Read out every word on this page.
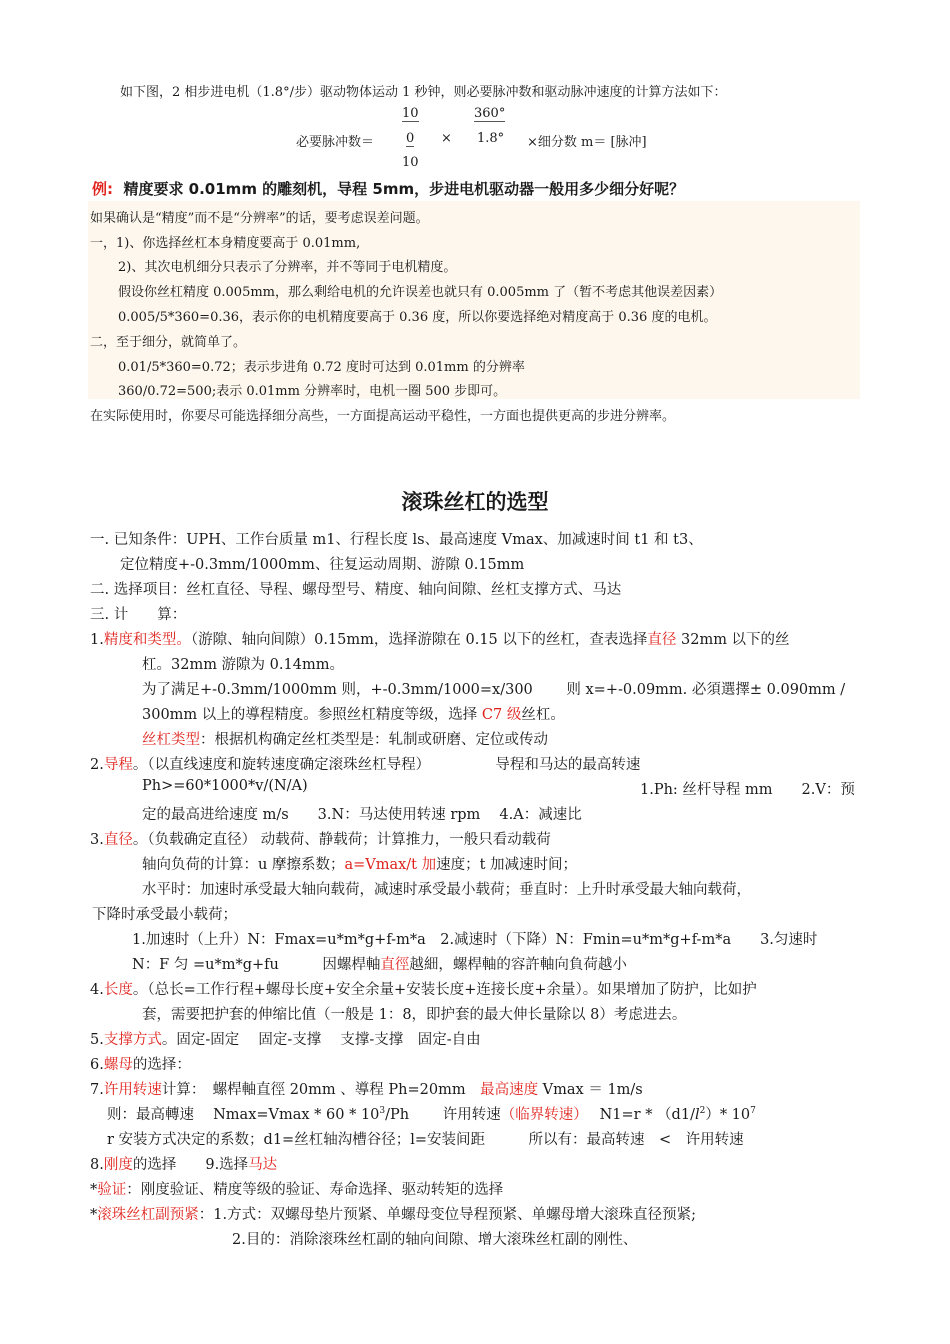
如下图，2 相步进电机（1.8°/步）驱动物体运动 1 秒钟，则必要脉冲数和驱动脉冲速度的计算方法如下：
10	360°
必要脉冲数＝ 0 × 1.8° ×细分数 m＝ [脉冲]
10
例: 精度要求 0.01mm 的雕刻机，导程 5mm，步进电机驱动器一般用多少细分好呢？
如果确认是“精度”而不是“分辨率”的话，要考虑误差问题。
一，1)、你选择丝杠本身精度要高于 0.01mm,
2)、其次电机细分只表示了分辨率，并不等同于电机精度。
假设你丝杠精度 0.005mm，那么剩给电机的允许误差也就只有 0.005mm 了（暂不考虑其他误差因素）
0.005/5*360=0.36，表示你的电机精度要高于 0.36 度，所以你要选择绝对精度高于 0.36 度的电机。
二，至于细分，就简单了。
0.01/5*360=0.72；表示步进角 0.72 度时可达到 0.01mm 的分辨率
360/0.72=500;表示 0.01mm 分辨率时，电机一圈 500 步即可。
在实际使用时，你要尽可能选择细分高些，一方面提高运动平稳性，一方面也提供更高的步进分辨率。
滚珠丝杠的选型
一. 已知条件：UPH、工作台质量 m1、行程长度 ls、最高速度 Vmax、加减速时间 t1 和 t3、
定位精度+-0.3mm/1000mm、往复运动周期、游隙 0.15mm
二. 选择项目：丝杠直径、导程、螺母型号、精度、轴向间隙、丝杠支撑方式、马达
三. 计　　算：
1.精度和类型。（游隙、轴向间隙）0.15mm，选择游隙在 0.15 以下的丝杠，查表选择直径 32mm 以下的丝
杠。32mm 游隙为 0.14mm。
为了满足+-0.3mm/1000mm 则，+-0.3mm/1000=x/300　　 则 x=+-0.09mm. 必須選擇± 0.090mm /
300mm 以上的導程精度。参照丝杠精度等级，选择 C7 级丝杠。
丝杠类型：根据机构确定丝杠类型是：轧制或研磨、定位或传动
2.导程。（以直线速度和旋转速度确定滚珠丝杠导程）　　　　　导程和马达的最高转速
Ph>=60*1000*v/(N/A)	1.Ph: 丝杆导程 mm　　2.V：预
定的最高进给速度 m/s　　3.N：马达使用转速 rpm　 4.A：减速比
3.直径。（负载确定直径） 动载荷、静载荷；计算推力，一般只看动载荷
轴向负荷的计算：u 摩擦系数；a=Vmax/t 加速度；t 加减速时间；
水平时：加速时承受最大轴向载荷，减速时承受最小载荷；垂直时：上升时承受最大轴向载荷，
下降时承受最小载荷；
1.加速时（上升）N：Fmax=u*m*g+f-m*a　2.减速时（下降）N：Fmin=u*m*g+f-m*a　　3.匀速时
N：F 匀 =u*m*g+fu　　　因螺桿軸直徑越細，螺桿軸的容許軸向負荷越小
4.长度。（总长=工作行程+螺母长度+安全余量+安装长度+连接长度+余量）。如果增加了防护，比如护
套，需要把护套的伸缩比值（一般是 1：8，即护套的最大伸长量除以 8）考虑进去。
5.支撑方式。固定-固定　 固定-支撑　 支撑-支撑　固定-自由
6.螺母的选择：
7.许用转速计算：　螺桿軸直徑 20mm 、導程 Ph=20mm　最高速度 Vmax ＝ 1m/s
则：最高轉速　 $Nmax=Vmax * 60 * 10^3/Ph$　　 许用转速（临界转速）　 $N1=r * (d1/l^2)*$ $10^7$
r 安装方式决定的系数；d1=丝杠轴沟槽谷径；l=安装间距　　　所以有：最高转速　<　许用转速
8.刚度的选择　　9.选择马达
*验证：刚度验证、精度等级的验证、寿命选择、驱动转矩的选择
*滚珠丝杠副预紧：1.方式：双螺母垫片预紧、单螺母变位导程预紧、单螺母增大滚珠直径预紧;
2.目的：消除滚珠丝杠副的轴向间隙、增大滚珠丝杠副的刚性、
